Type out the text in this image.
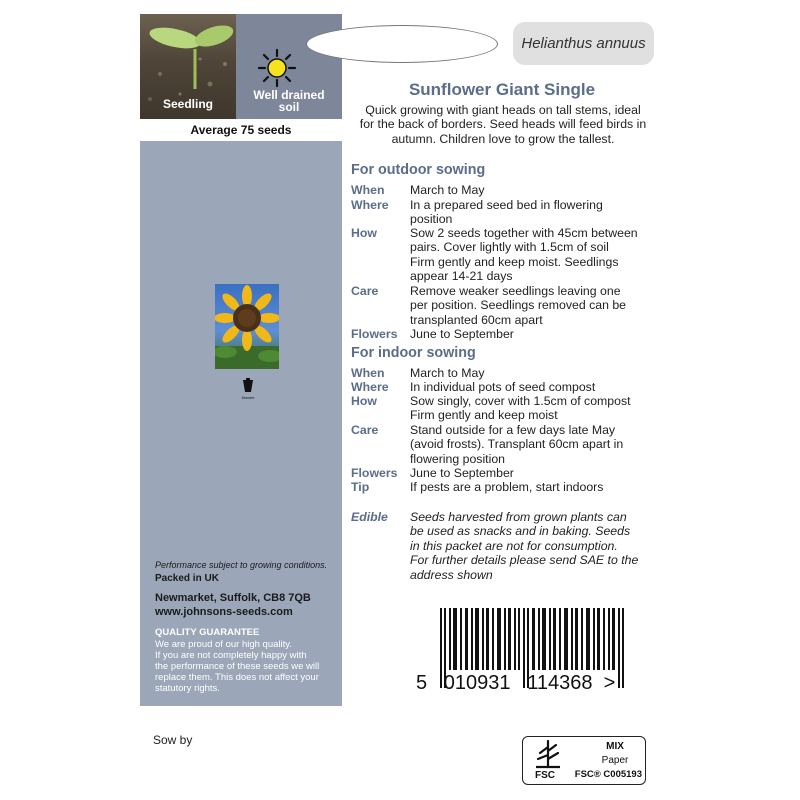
Seedling
Well drained
soil
Average 75 seeds
Moment
Performance subject to growing conditions.
Packed in UK
Newmarket, Suffolk, CB8 7QB
www.johnsons-seeds.com
QUALITY GUARANTEE
We are proud of our high quality.
If you are not completely happy with
the performance of these seeds we will
replace them. This does not affect your
statutory rights.
Helianthus annuus
Sunflower Giant Single
Quick growing with giant heads on tall stems, ideal
for the back of borders. Seed heads will feed birds in
autumn. Children love to grow the tallest.
For outdoor sowing
When March to May
Where In a prepared seed bed in flowering
position
How	Sow 2 seeds together with 45cm between
pairs. Cover lightly with 1.5cm of soil
Firm gently and keep moist. Seedlings
appear 14-21 days
Care	Remove weaker seedlings leaving one
per position. Seedlings removed can be
transplanted 60cm apart
Flowers June to September
For indoor sowing
When March to May
Where In individual pots of seed compost
How	Sow singly, cover with 1.5cm of compost
Firm gently and keep moist
Care	Stand outside for a few days late May
(avoid frosts). Transplant 60cm apart in
flowering position
Flowers June to September
Tip	If pests are a problem, start indoors
Edible Seeds harvested from grown plants can
be used as snacks and in baking. Seeds
in this packet are not for consumption.
For further details please send SAE to the
address shown
5   010931   114368  >
Sow by
FSC
MIX
Paper
FSC® C005193
